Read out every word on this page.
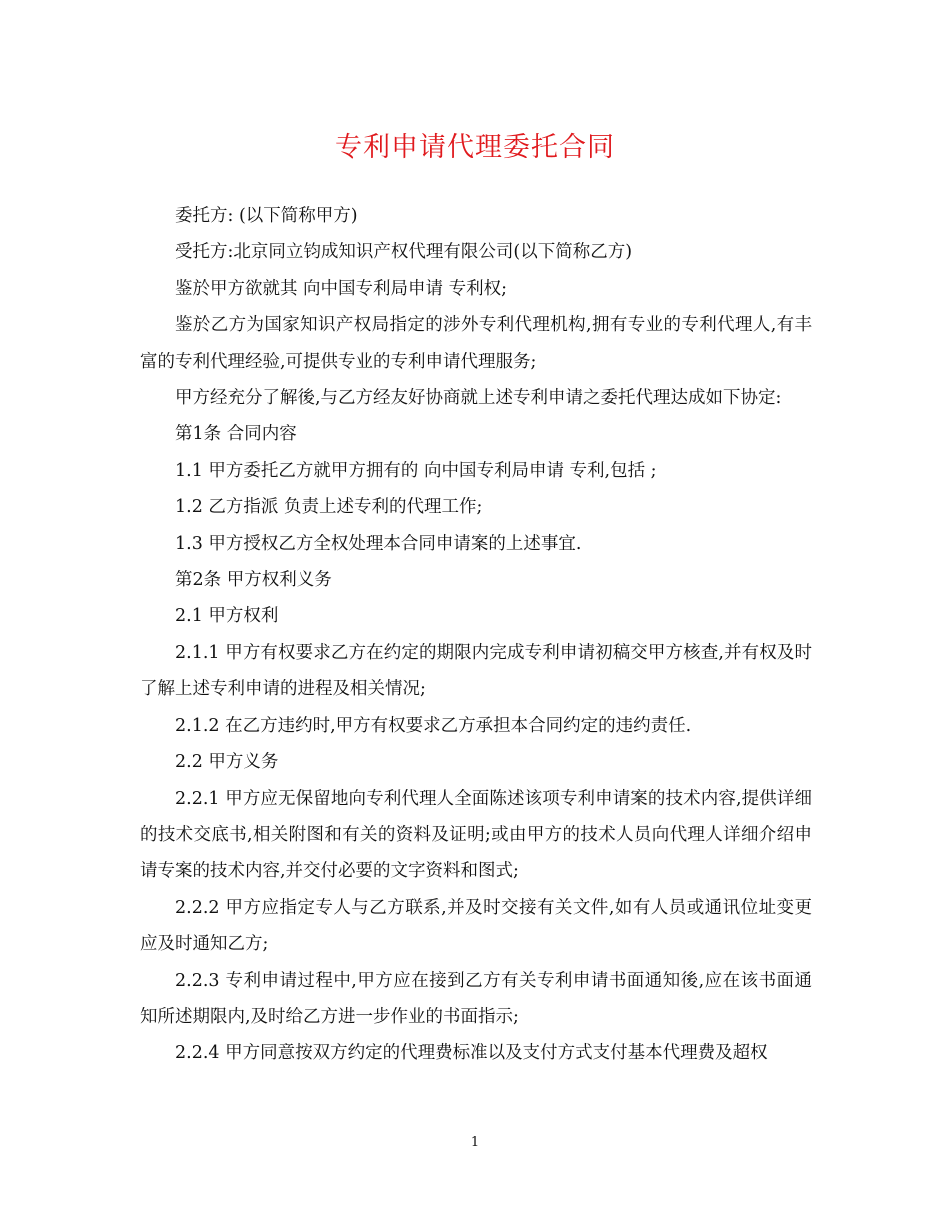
专利申请代理委托合同

委托方: (以下简称甲方)

受托方:北京同立钧成知识产权代理有限公司(以下简称乙方)

鉴於甲方欲就其 向中国专利局申请 专利权;

鉴於乙方为国家知识产权局指定的涉外专利代理机构,拥有专业的专利代理人,有丰富的专利代理经验,可提供专业的专利申请代理服务;

甲方经充分了解後,与乙方经友好协商就上述专利申请之委托代理达成如下协定:

第1条 合同内容

1.1 甲方委托乙方就甲方拥有的 向中国专利局申请 专利,包括 ;

1.2 乙方指派 负责上述专利的代理工作;

1.3 甲方授权乙方全权处理本合同申请案的上述事宜.

第2条 甲方权利义务

2.1 甲方权利

2.1.1 甲方有权要求乙方在约定的期限内完成专利申请初稿交甲方核查,并有权及时了解上述专利申请的进程及相关情况;

2.1.2 在乙方违约时,甲方有权要求乙方承担本合同约定的违约责任.

2.2 甲方义务

2.2.1 甲方应无保留地向专利代理人全面陈述该项专利申请案的技术内容,提供详细的技术交底书,相关附图和有关的资料及证明;或由甲方的技术人员向代理人详细介绍申请专案的技术内容,并交付必要的文字资料和图式;

2.2.2 甲方应指定专人与乙方联系,并及时交接有关文件,如有人员或通讯位址变更应及时通知乙方;

2.2.3 专利申请过程中,甲方应在接到乙方有关专利申请书面通知後,应在该书面通知所述期限内,及时给乙方进一步作业的书面指示;

2.2.4 甲方同意按双方约定的代理费标准以及支付方式支付基本代理费及超权

1
